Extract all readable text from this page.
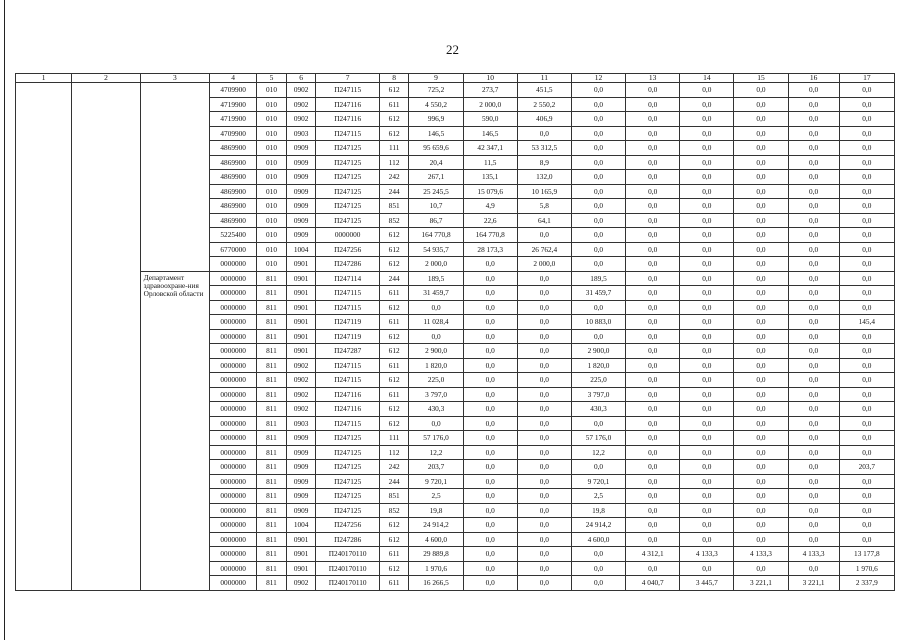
22
1	2	3	4	5	6	7	8	9	10	11	12	13	14	15	16	17
			4709900	010	0902	П247115	612	725,2	273,7	451,5	0,0	0,0	0,0	0,0	0,0	0,0
			4719900	010	0902	П247116	611	4 550,2	2 000,0	2 550,2	0,0	0,0	0,0	0,0	0,0	0,0
			4719900	010	0902	П247116	612	996,9	590,0	406,9	0,0	0,0	0,0	0,0	0,0	0,0
			4709900	010	0903	П247115	612	146,5	146,5	0,0	0,0	0,0	0,0	0,0	0,0	0,0
			4869900	010	0909	П247125	111	95 659,6	42 347,1	53 312,5	0,0	0,0	0,0	0,0	0,0	0,0
			4869900	010	0909	П247125	112	20,4	11,5	8,9	0,0	0,0	0,0	0,0	0,0	0,0
			4869900	010	0909	П247125	242	267,1	135,1	132,0	0,0	0,0	0,0	0,0	0,0	0,0
			4869900	010	0909	П247125	244	25 245,5	15 079,6	10 165,9	0,0	0,0	0,0	0,0	0,0	0,0
			4869900	010	0909	П247125	851	10,7	4,9	5,8	0,0	0,0	0,0	0,0	0,0	0,0
			4869900	010	0909	П247125	852	86,7	22,6	64,1	0,0	0,0	0,0	0,0	0,0	0,0
			5225400	010	0909	0000000	612	164 770,8	164 770,8	0,0	0,0	0,0	0,0	0,0	0,0	0,0
			6770000	010	1004	П247256	612	54 935,7	28 173,3	26 762,4	0,0	0,0	0,0	0,0	0,0	0,0
			0000000	010	0901	П247286	612	2 000,0	0,0	2 000,0	0,0	0,0	0,0	0,0	0,0	0,0
		Департамент здравоохране-ния Орловской области	0000000	811	0901	П247114	244	189,5	0,0	0,0	189,5	0,0	0,0	0,0	0,0	0,0
			0000000	811	0901	П247115	611	31 459,7	0,0	0,0	31 459,7	0,0	0,0	0,0	0,0	0,0
			0000000	811	0901	П247115	612	0,0	0,0	0,0	0,0	0,0	0,0	0,0	0,0	0,0
			0000000	811	0901	П247119	611	11 028,4	0,0	0,0	10 883,0	0,0	0,0	0,0	0,0	145,4
			0000000	811	0901	П247119	612	0,0	0,0	0,0	0,0	0,0	0,0	0,0	0,0	0,0
			0000000	811	0901	П247287	612	2 900,0	0,0	0,0	2 900,0	0,0	0,0	0,0	0,0	0,0
			0000000	811	0902	П247115	611	1 820,0	0,0	0,0	1 820,0	0,0	0,0	0,0	0,0	0,0
			0000000	811	0902	П247115	612	225,0	0,0	0,0	225,0	0,0	0,0	0,0	0,0	0,0
			0000000	811	0902	П247116	611	3 797,0	0,0	0,0	3 797,0	0,0	0,0	0,0	0,0	0,0
			0000000	811	0902	П247116	612	430,3	0,0	0,0	430,3	0,0	0,0	0,0	0,0	0,0
			0000000	811	0903	П247115	612	0,0	0,0	0,0	0,0	0,0	0,0	0,0	0,0	0,0
			0000000	811	0909	П247125	111	57 176,0	0,0	0,0	57 176,0	0,0	0,0	0,0	0,0	0,0
			0000000	811	0909	П247125	112	12,2	0,0	0,0	12,2	0,0	0,0	0,0	0,0	0,0
			0000000	811	0909	П247125	242	203,7	0,0	0,0	0,0	0,0	0,0	0,0	0,0	203,7
			0000000	811	0909	П247125	244	9 720,1	0,0	0,0	9 720,1	0,0	0,0	0,0	0,0	0,0
			0000000	811	0909	П247125	851	2,5	0,0	0,0	2,5	0,0	0,0	0,0	0,0	0,0
			0000000	811	0909	П247125	852	19,8	0,0	0,0	19,8	0,0	0,0	0,0	0,0	0,0
			0000000	811	1004	П247256	612	24 914,2	0,0	0,0	24 914,2	0,0	0,0	0,0	0,0	0,0
			0000000	811	0901	П247286	612	4 600,0	0,0	0,0	4 600,0	0,0	0,0	0,0	0,0	0,0
			0000000	811	0901	П240170110	611	29 889,8	0,0	0,0	0,0	4 312,1	4 133,3	4 133,3	4 133,3	13 177,8
			0000000	811	0901	П240170110	612	1 970,6	0,0	0,0	0,0	0,0	0,0	0,0	0,0	1 970,6
			0000000	811	0902	П240170110	611	16 266,5	0,0	0,0	0,0	4 040,7	3 445,7	3 221,1	3 221,1	2 337,9
